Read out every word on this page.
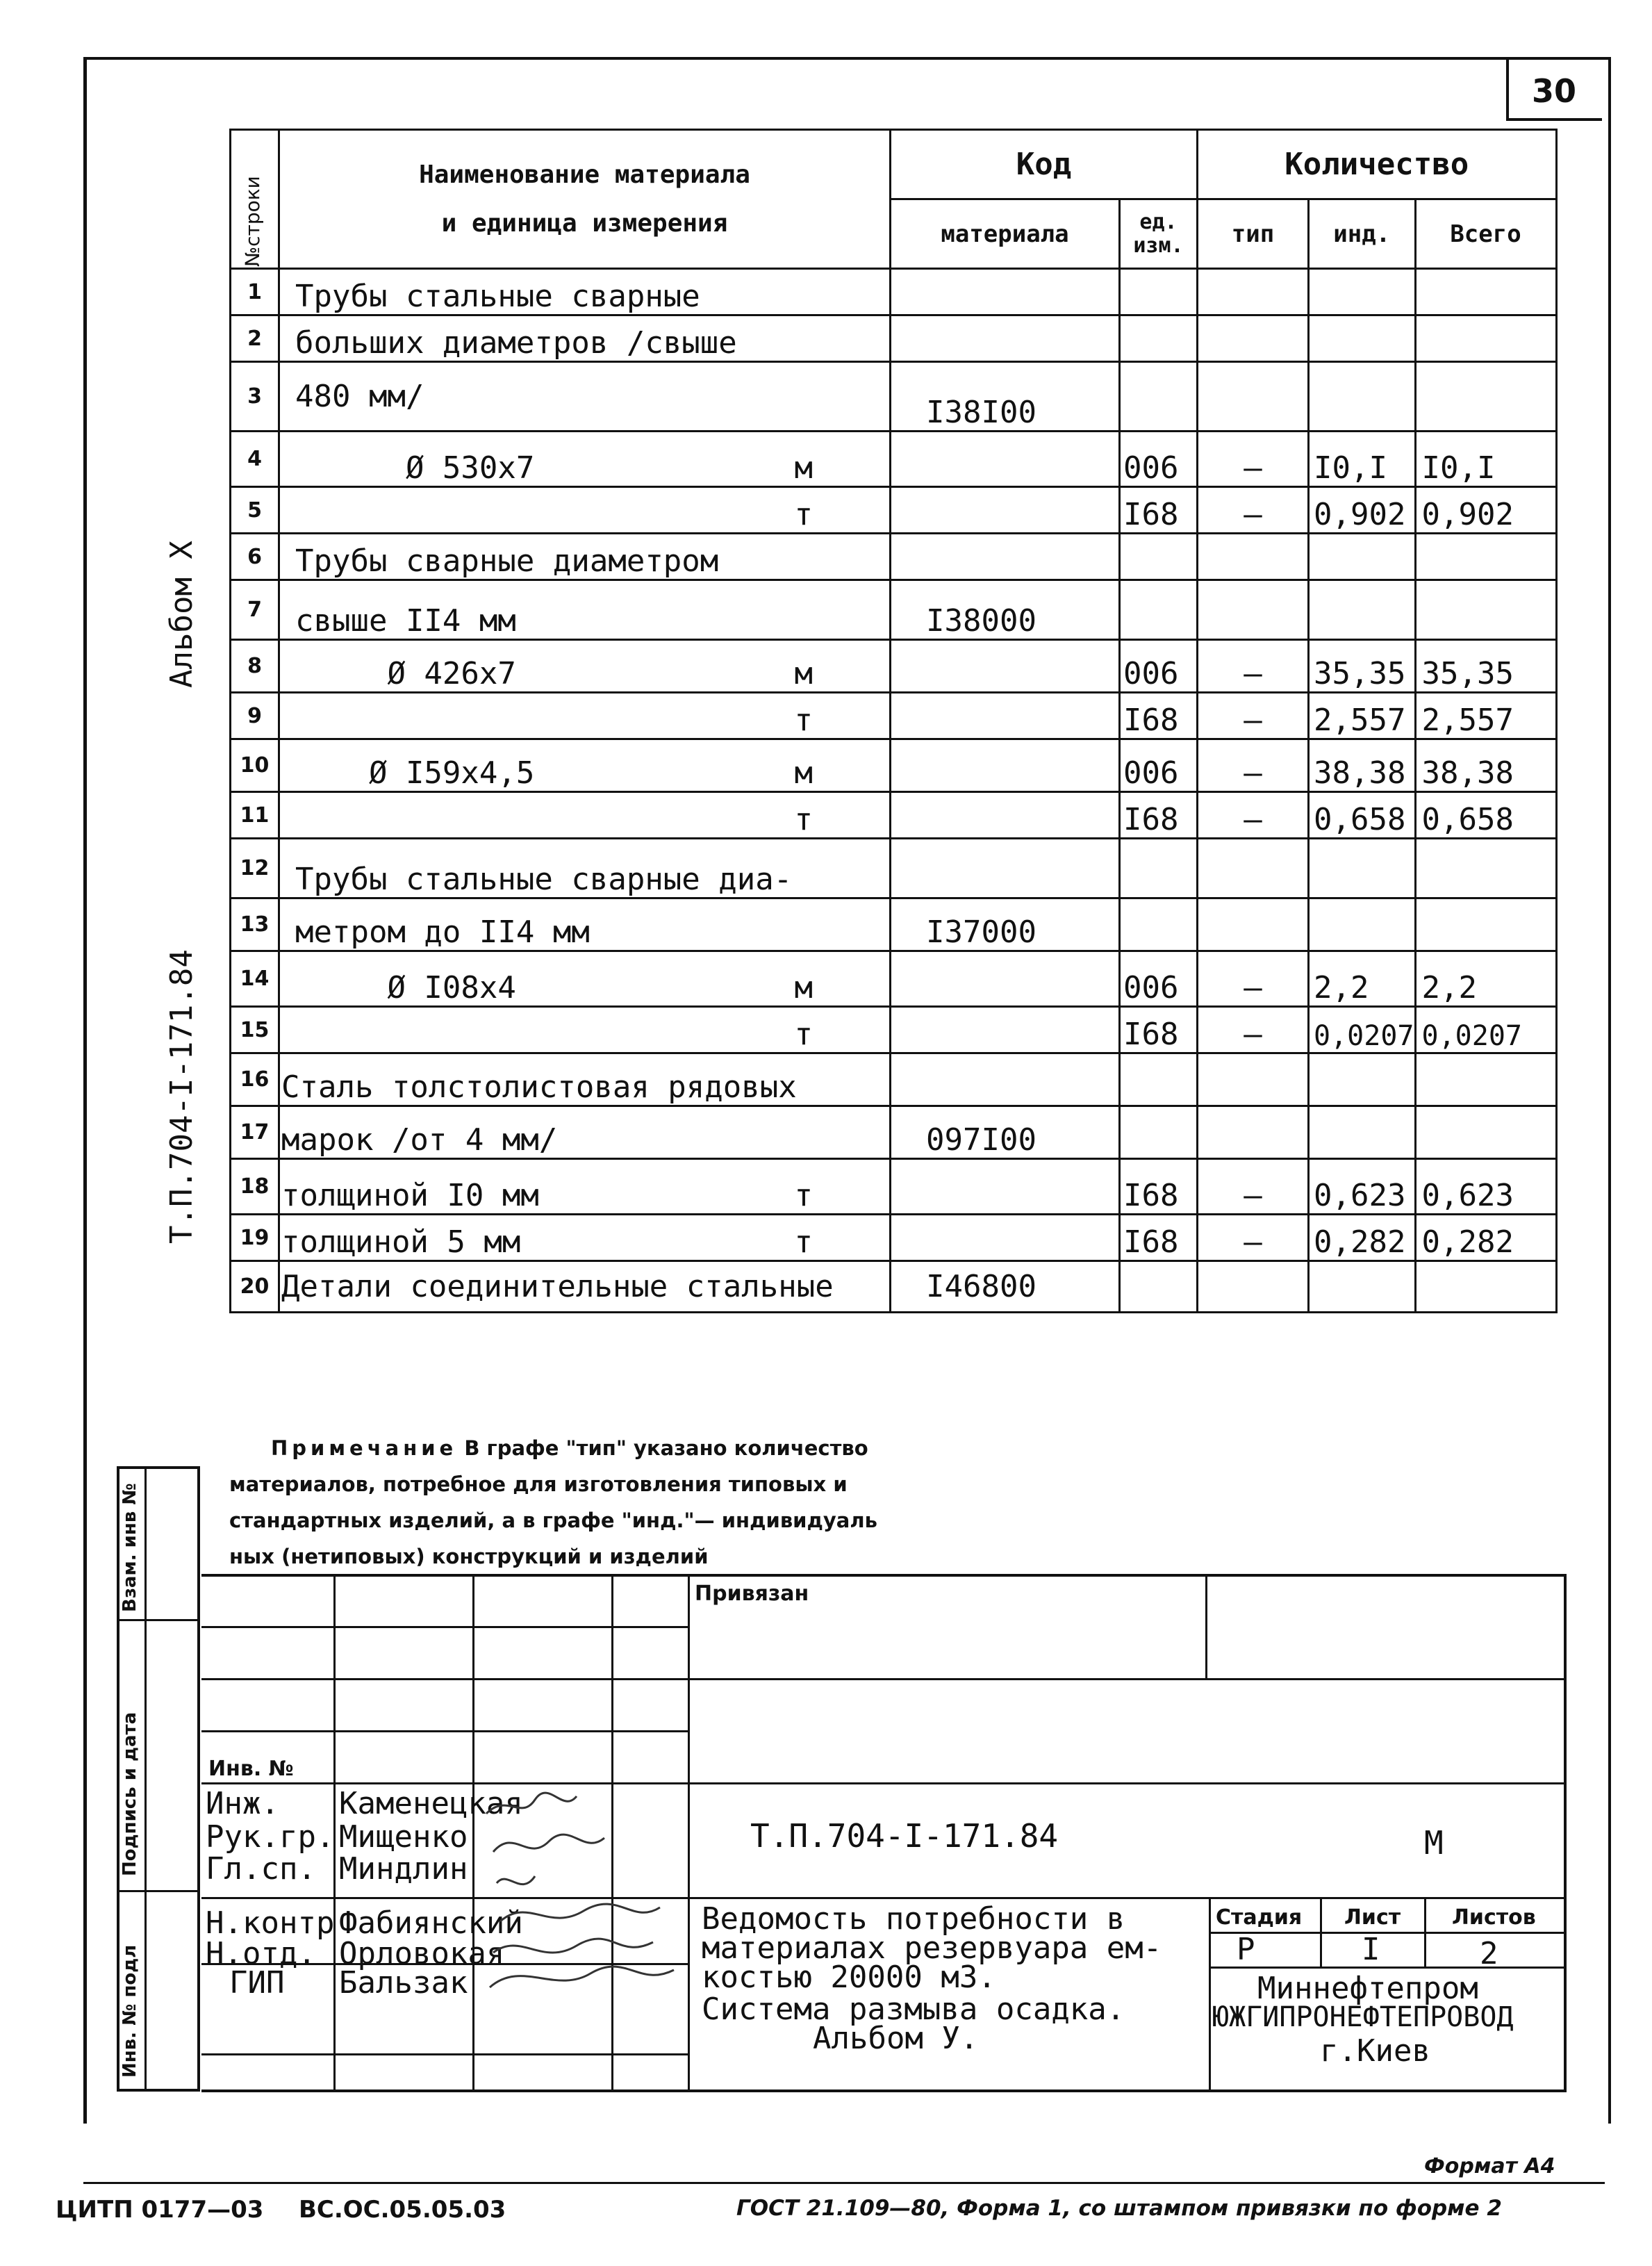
30
Альбом X
Т.П.704-I-171.84
Взам. инв №
Подпись и дата
Инв. № подл
№строки	Наименование материала
и единица измерения	Код		Количество		
		материала	ед. изм.	тип	инд.	Всего
1	Трубы стальные сварные

2	больших диаметров /свыше

3	480 мм/	I38I00				
4	Ø 530х7 м		006	–	I0,I	I0,I
5	т		I68	–	0,902	0,902
6	Трубы сварные диаметром

7	свыше II4 мм	I38000				
8	Ø 426х7 м		006	–	35,35	35,35
9	т		I68	–	2,557	2,557
10	Ø I59х4,5 м		006	–	38,38	38,38
11	т		I68	–	0,658	0,658
12	Трубы стальные сварные диа-

13	метром до II4 мм	I37000				
14	Ø I08х4 м		006	–	2,2	2,2
15	т		I68	–	0,0207	0,0207
16	Сталь толстолистовая рядовых

17	марок /от 4 мм/	097I00				
18	толщиной I0 мм т		I68	–	0,623	0,623
19	толщиной 5 мм т		I68	–	0,282	0,282
20	Детали соединительные стальные	I46800				
Примечание В графе "тип" указано количество
материалов, потребное для изготовления типовых и
стандартных изделий, а в графе "инд."— индивидуаль
ных (нетиповых) конструкций и изделий
Привязан
Инв. №
Инж. Каменецкая
Рук.гр. Мищенко
Гл.сп. Миндлин
Н.контр Фабиянский
Н.отд. Орловокая
ГИП Бальзак
Т.П.704-I-171.84	М
Ведомость потребности в
материалах резервуара ем-
костью 20000 м3.
Система размыва осадка.
Альбом У.
Стадия Лист Листов
Р	I	2
Миннефтепром
ЮЖГИПРОНЕФТЕПРОВОД
г.Киев
Формат А4
ЦИТП 0177—03 ВС.ОС.05.05.03	ГОСТ 21.109—80, Форма 1, со штампом привязки по форме 2
